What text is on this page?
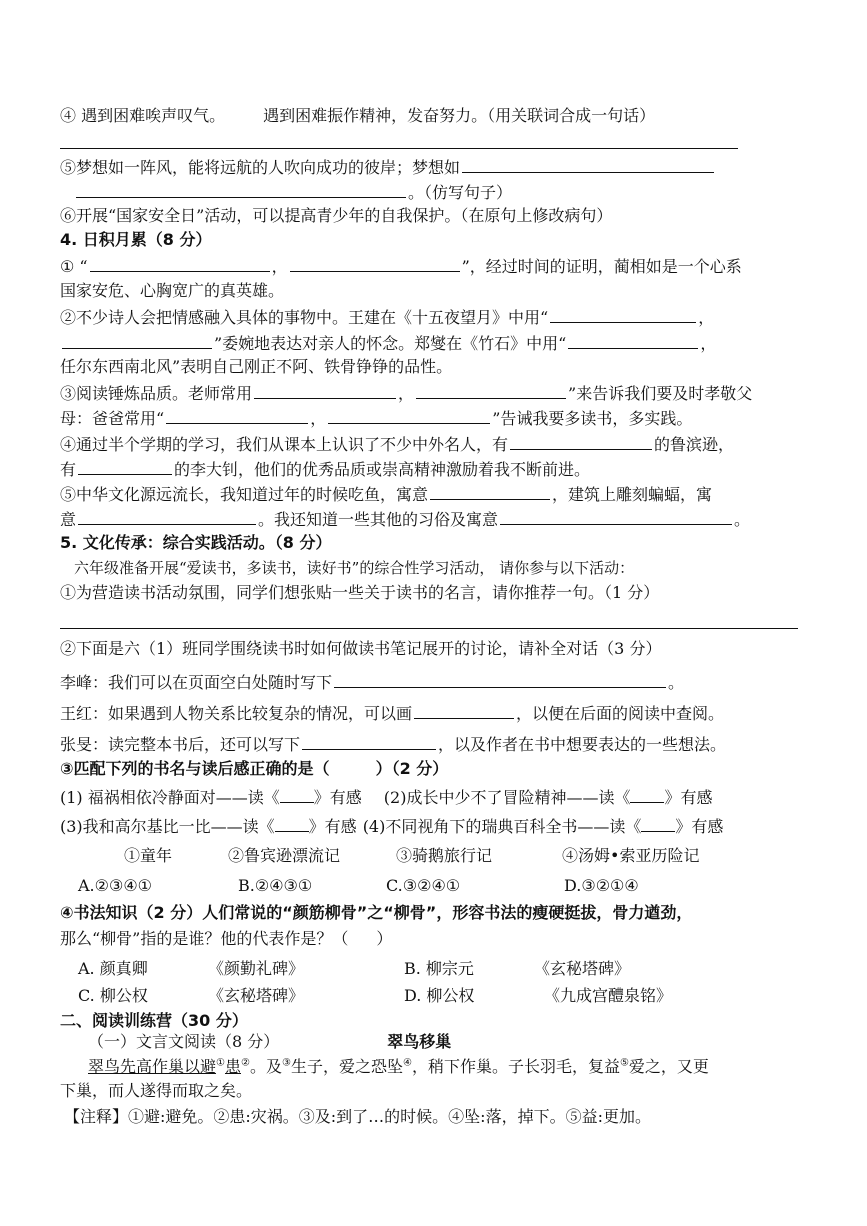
④ 遇到困难唉声叹气。 遇到困难振作精神，发奋努力。（用关联词合成一句话）
⑤梦想如一阵风，能将远航的人吹向成功的彼岸；梦想如
。（仿写句子）
⑥开展“国家安全日”活动，可以提高青少年的自我保护。（在原句上修改病句）
4. 日积月累（8 分）
① “	，	”，经过时间的证明，蔺相如是一个心系
国家安危、心胸宽广的真英雄。
②不少诗人会把情感融入具体的事物中。王建在《十五夜望月》中用“	，
”委婉地表达对亲人的怀念。郑燮在《竹石》中用“	，
任尔东西南北风”表明自己刚正不阿、铁骨铮铮的品性。
③阅读锤炼品质。老师常用	，	”来告诉我们要及时孝敬父
母：爸爸常用“	，	”告诫我要多读书，多实践。
④通过半个学期的学习，我们从课本上认识了不少中外名人，有	的鲁滨逊，
有	的李大钊，他们的优秀品质或崇高精神激励着我不断前进。
⑤中华文化源远流长，我知道过年的时候吃鱼，寓意	，建筑上雕刻蝙蝠，寓
意	。我还知道一些其他的习俗及寓意	。
5. 文化传承：综合实践活动。（8 分）
六年级准备开展“爱读书，多读书，读好书”的综合性学习活动， 请你参与以下活动：
①为营造读书活动氛围，同学们想张贴一些关于读书的名言，请你推荐一句。（1 分）
②下面是六（1）班同学围绕读书时如何做读书笔记展开的讨论，请补全对话（3 分）
李峰：我们可以在页面空白处随时写下	。
王红：如果遇到人物关系比较复杂的情况，可以画	，以便在后面的阅读中查阅。
张旻：读完整本书后，还可以写下	，以及作者在书中想要表达的一些想法。
③匹配下列的书名与读后感正确的是（	）（2 分）
(1) 福祸相依冷静面对——读《 》有感 (2)成长中少不了冒险精神——读《 》有感
(3)我和高尔基比一比——读《 》有感 (4)不同视角下的瑞典百科全书——读《 》有感
①童年	②鲁宾逊漂流记	③骑鹅旅行记	④汤姆•索亚历险记
A.②③④①	B.②④③①	C.③②④①	D.③②①④
④书法知识（2 分）人们常说的“颜筋柳骨”之“柳骨”，形容书法的瘦硬挺拔，骨力遒劲，
那么“柳骨”指的是谁？他的代表作是？（ ）
A. 颜真卿	《颜勤礼碑》	B. 柳宗元	《玄秘塔碑》
C. 柳公权	《玄秘塔碑》	D. 柳公权	《九成宫醴泉铭》
二、阅读训练营（30 分）
（一）文言文阅读（8 分）	翠鸟移巢
翠鸟先高作巢以避①患②。及③生子，爱之恐坠④，稍下作巢。子长羽毛，复益⑤爱之，又更
下巢，而人遂得而取之矣。
【注释】①避:避免。②患:灾祸。③及:到了…的时候。④坠:落，掉下。⑤益:更加。
